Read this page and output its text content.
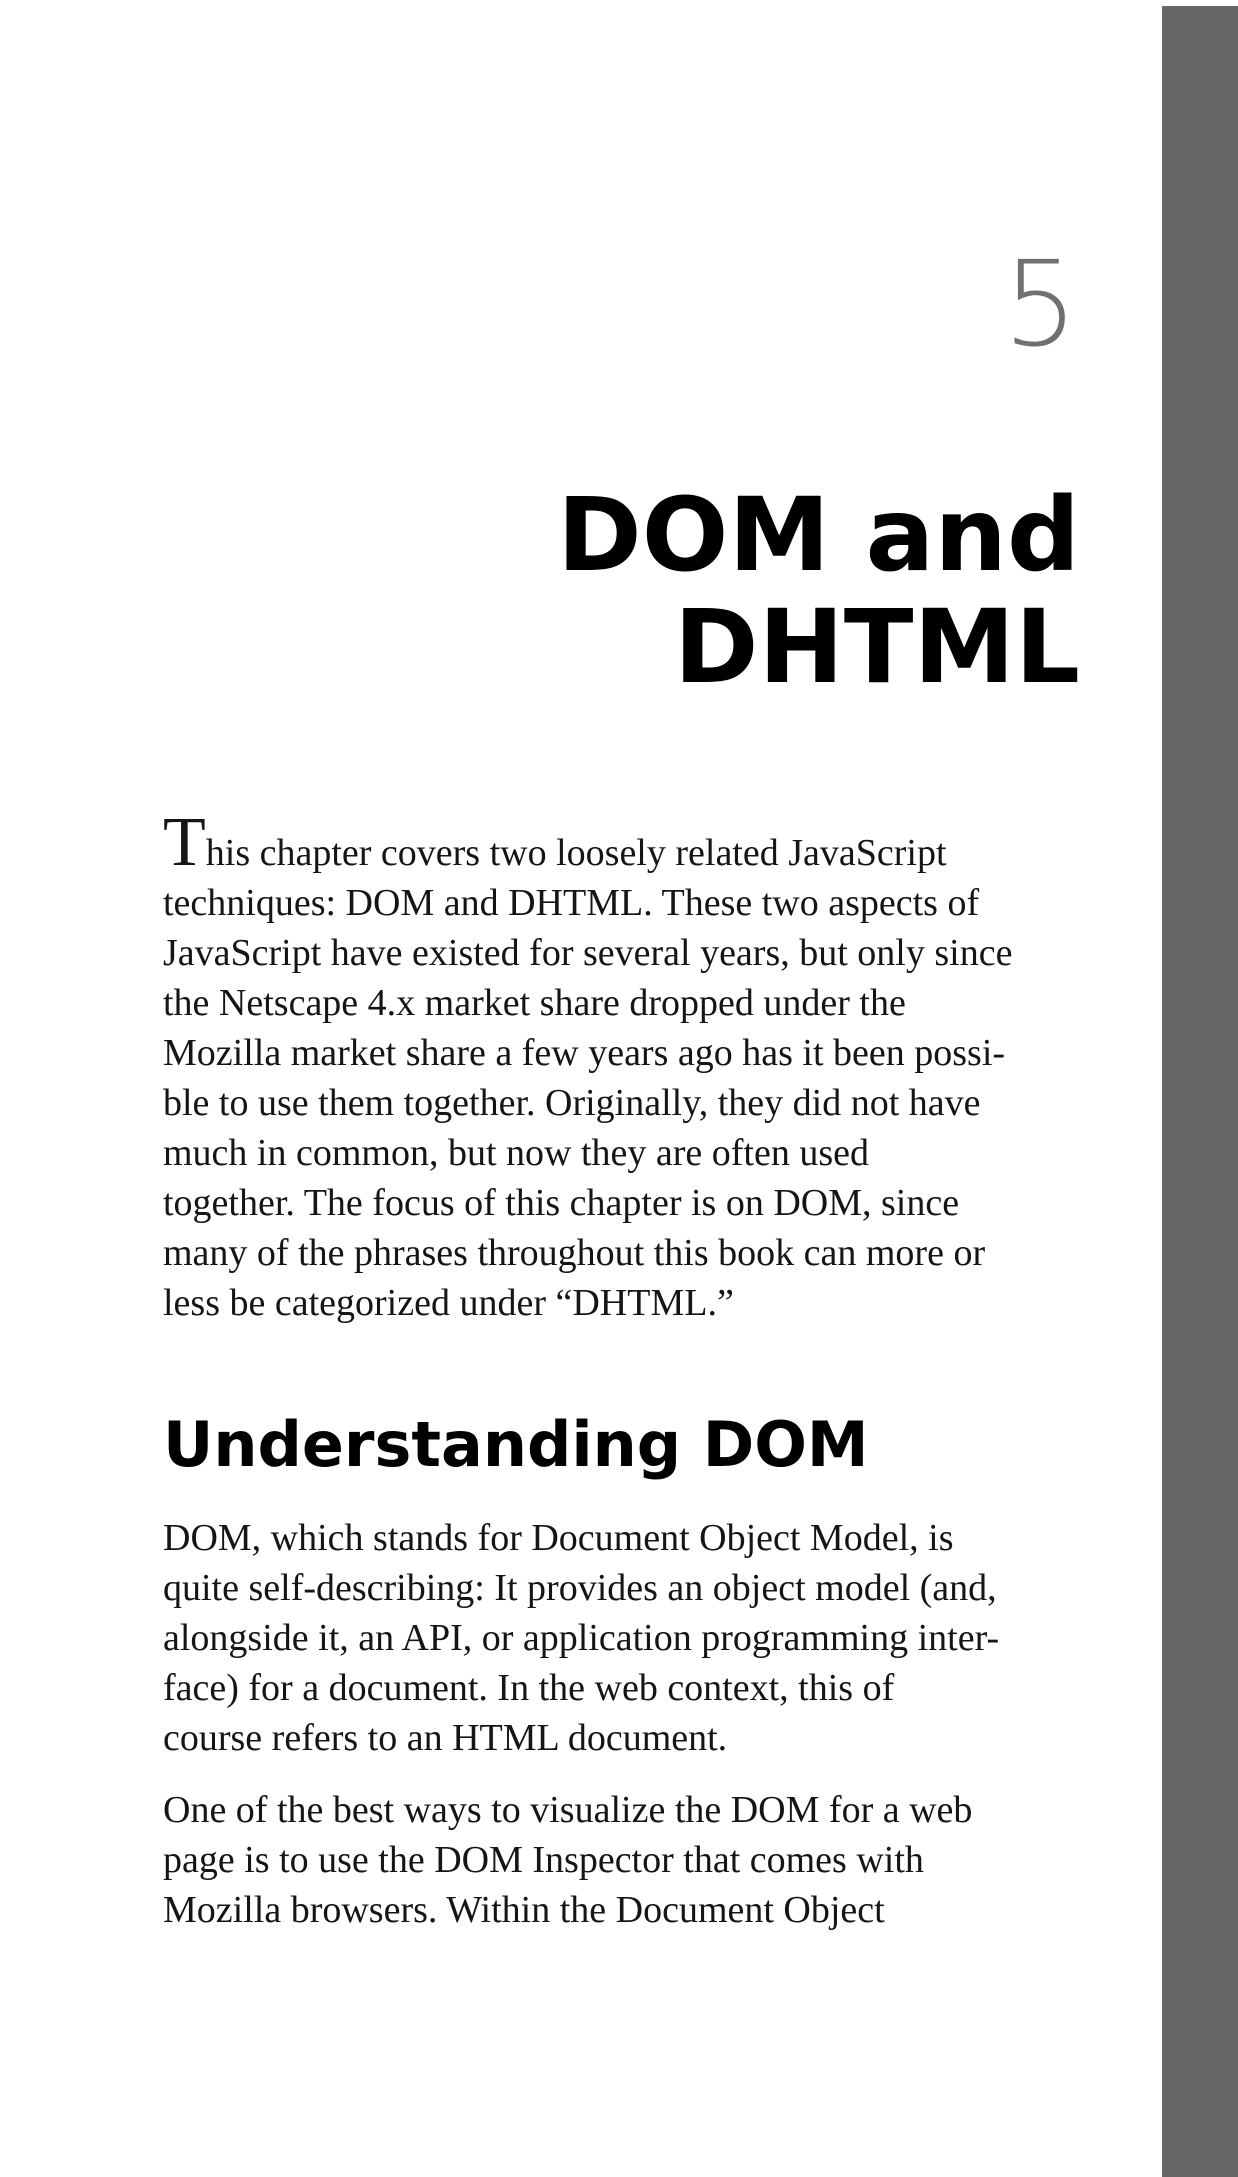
5
DOM and DHTML

This chapter covers two loosely related JavaScript
techniques: DOM and DHTML. These two aspects of
JavaScript have existed for several years, but only since
the Netscape 4.x market share dropped under the
Mozilla market share a few years ago has it been possi-
ble to use them together. Originally, they did not have
much in common, but now they are often used
together. The focus of this chapter is on DOM, since
many of the phrases throughout this book can more or
less be categorized under “DHTML.”

Understanding DOM

DOM, which stands for Document Object Model, is
quite self-describing: It provides an object model (and,
alongside it, an API, or application programming inter-
face) for a document. In the web context, this of
course refers to an HTML document.

One of the best ways to visualize the DOM for a web
page is to use the DOM Inspector that comes with
Mozilla browsers. Within the Document Object
